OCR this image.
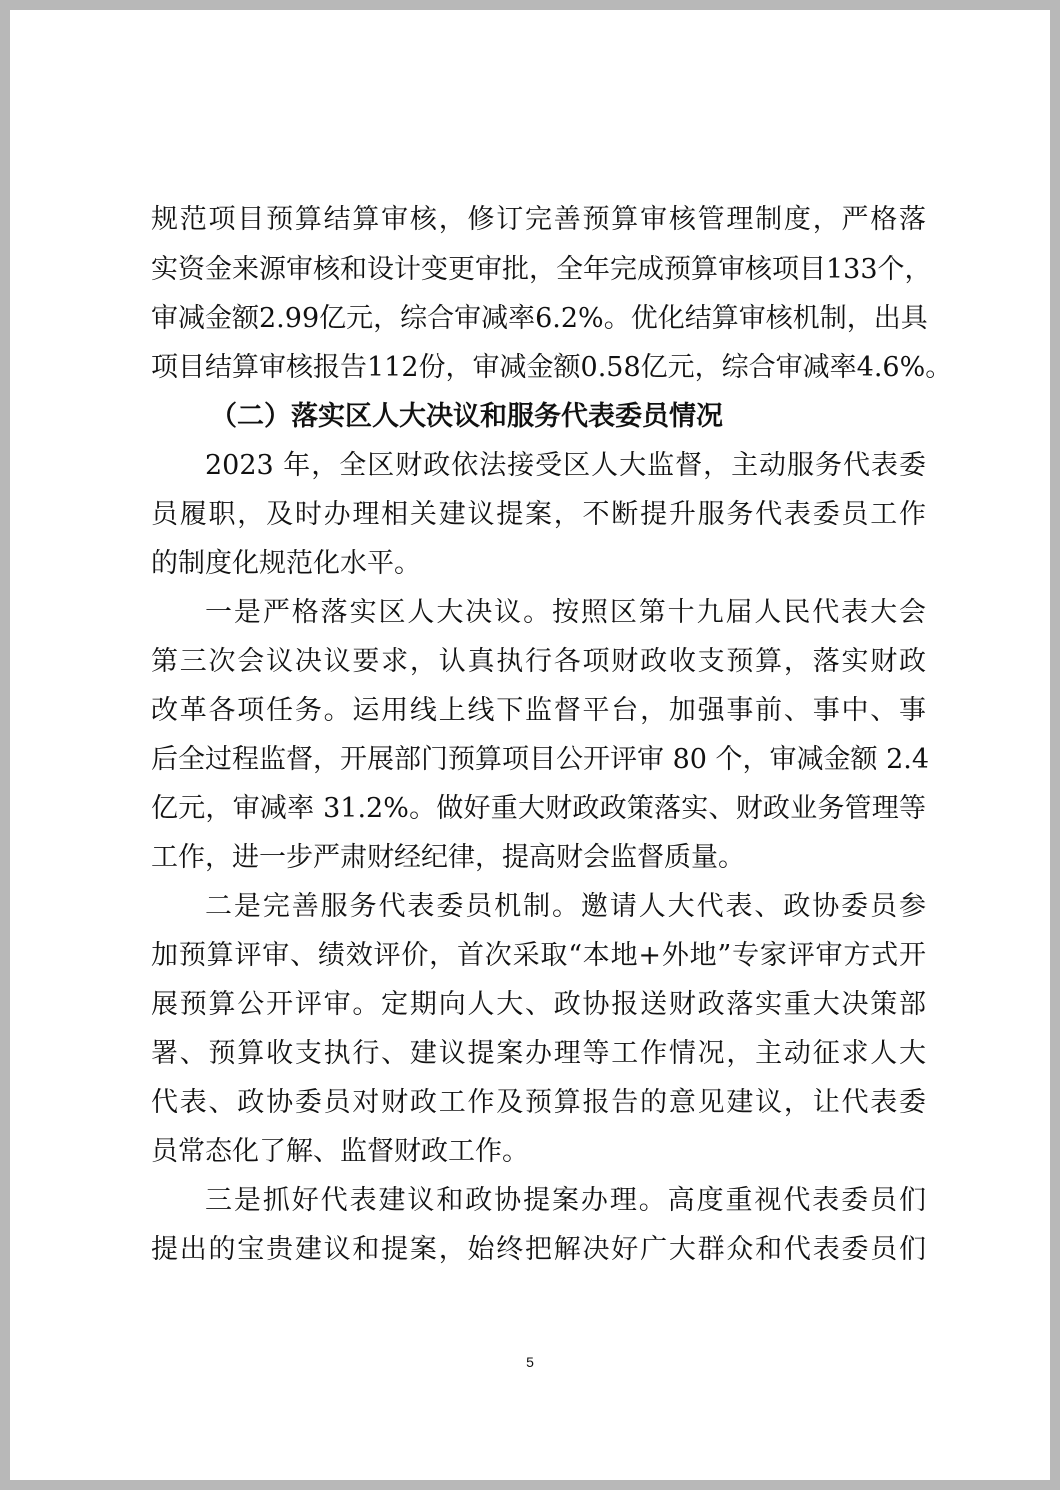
规范项目预算结算审核，修订完善预算审核管理制度，严格落
实资金来源审核和设计变更审批，全年完成预算审核项目133个，
审减金额2.99亿元，综合审减率6.2%。优化结算审核机制，出具
项目结算审核报告112份，审减金额0.58亿元，综合审减率4.6%。
（二）落实区人大决议和服务代表委员情况
2023 年，全区财政依法接受区人大监督，主动服务代表委
员履职，及时办理相关建议提案，不断提升服务代表委员工作
的制度化规范化水平。
一是严格落实区人大决议。按照区第十九届人民代表大会
第三次会议决议要求，认真执行各项财政收支预算，落实财政
改革各项任务。运用线上线下监督平台，加强事前、事中、事
后全过程监督，开展部门预算项目公开评审 80 个，审减金额 2.4
亿元，审减率 31.2%。做好重大财政政策落实、财政业务管理等
工作，进一步严肃财经纪律，提高财会监督质量。
二是完善服务代表委员机制。邀请人大代表、政协委员参
加预算评审、绩效评价，首次采取“本地+外地”专家评审方式开
展预算公开评审。定期向人大、政协报送财政落实重大决策部
署、预算收支执行、建议提案办理等工作情况，主动征求人大
代表、政协委员对财政工作及预算报告的意见建议，让代表委
员常态化了解、监督财政工作。
三是抓好代表建议和政协提案办理。高度重视代表委员们
提出的宝贵建议和提案，始终把解决好广大群众和代表委员们
5
